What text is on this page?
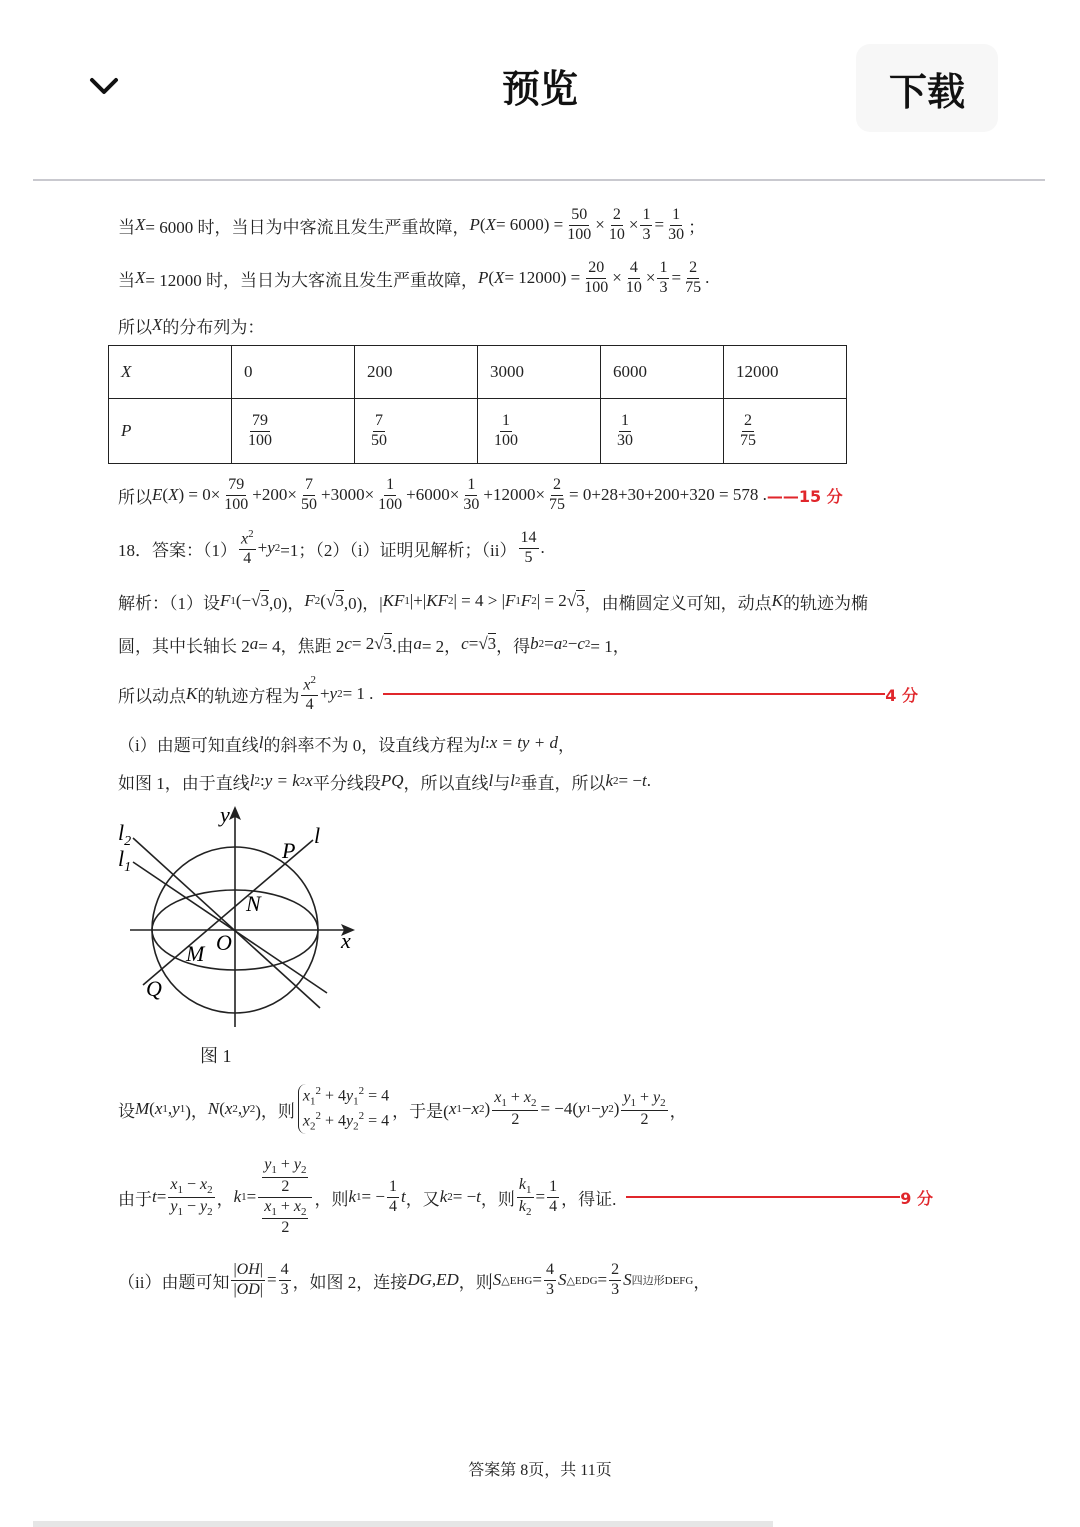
预览	下载
当 X = 6000 时，当日为中客流且发生严重故障， P ( $X = 6000) = \frac{50}{100} \times \frac{2}{10} \times \frac{1}{3} = \frac{1}{30}$ ；
当 X = 12000 时，当日为大客流且发生严重故障， P ( $X = 12000) = \frac{20}{100} \times \frac{4}{10} \times \frac{1}{3} = \frac{2}{75}$ .
所以 X 的分布列为：
X	0	200	3000	6000	12000
P	$\frac{79}{100}$	$\frac{7}{50}$	$\frac{1}{100}$	$\frac{1}{30}$	$\frac{2}{75}$
所以 E ( X ) = $0\times \frac{79}{100} +200\times \frac{7}{50} +3000\times \frac{1}{100} +6000\times \frac{1}{30} +12000\times \frac{2}{75} = 0+28+30+200+320 = 578$ . ——15 分
18．答案：$(1) \frac{x^2}{4} + y$ 2 =1；（2）（i）证明见解析；$(ii) \frac{14}{5}$ .
解析：（1）设 F 1 (− √ 3 ,0)， F 2 ( √ 3 ,0)，| KF 1 |+| KF 2 | = 4 > | F 1 F 2 | = 2 √ 3 ，由椭圆定义可知，动点 K 的轨迹为椭
圆，其中长轴长 2 a = 4，焦距 2 c = 2 √ 3 .由 a = 2， c = √ 3 ，得 b 2 = a 2 − c 2 = 1，
所以动点 K 的轨迹方程为 $\frac{x^2}{4} + y$ 2 = 1 .	4 分
（i）由题可知直线 l 的斜率不为 0，设直线方程为 l : x = ty + d ，
如图 1，由于直线 l 2 : y = k 2 x 平分线段 PQ ，所以直线 l 与 l 2 垂直，所以 k 2 = − t .
y
x
P
l
$l_2$
$l_1$
N
O
M
Q
图 1
设 M ( x 1 , y 1 )， N ( x 2 , y 2 )，则
$x_1^2 + 4y_1^2 = 4$
$x_2^2 + 4y_2^2 = 4$
，于是( x 1 − x 2 ) $\frac{x_1 + x_2}{2} = -4$( y 1 − y 2 ) $\frac{y_1 + y_2}{2}$ ，
由于 $t = \frac{x_1 - x_2}{y_1 - y_2}$ ， k $1 = \frac{\frac{y_1 + y_2}{2}}{\frac{x_1 + x_2}{2}}$ ，则 k 1 = − $\frac{1}{4}$ t ，又 k 2 = − t ，则 $\frac{k_1}{k_2} = \frac{1}{4}$ ，得证.	9 分
（ii）由题可知 $\frac{|OH|}{|OD|} = \frac{4}{3}$ ，如图 2，连接 DG,ED ，则 S △EHG = $\frac{4}{3}$ S △EDG = $\frac{2}{3}$ S 四边形DEFG ，
答案第 8页，共 11页
